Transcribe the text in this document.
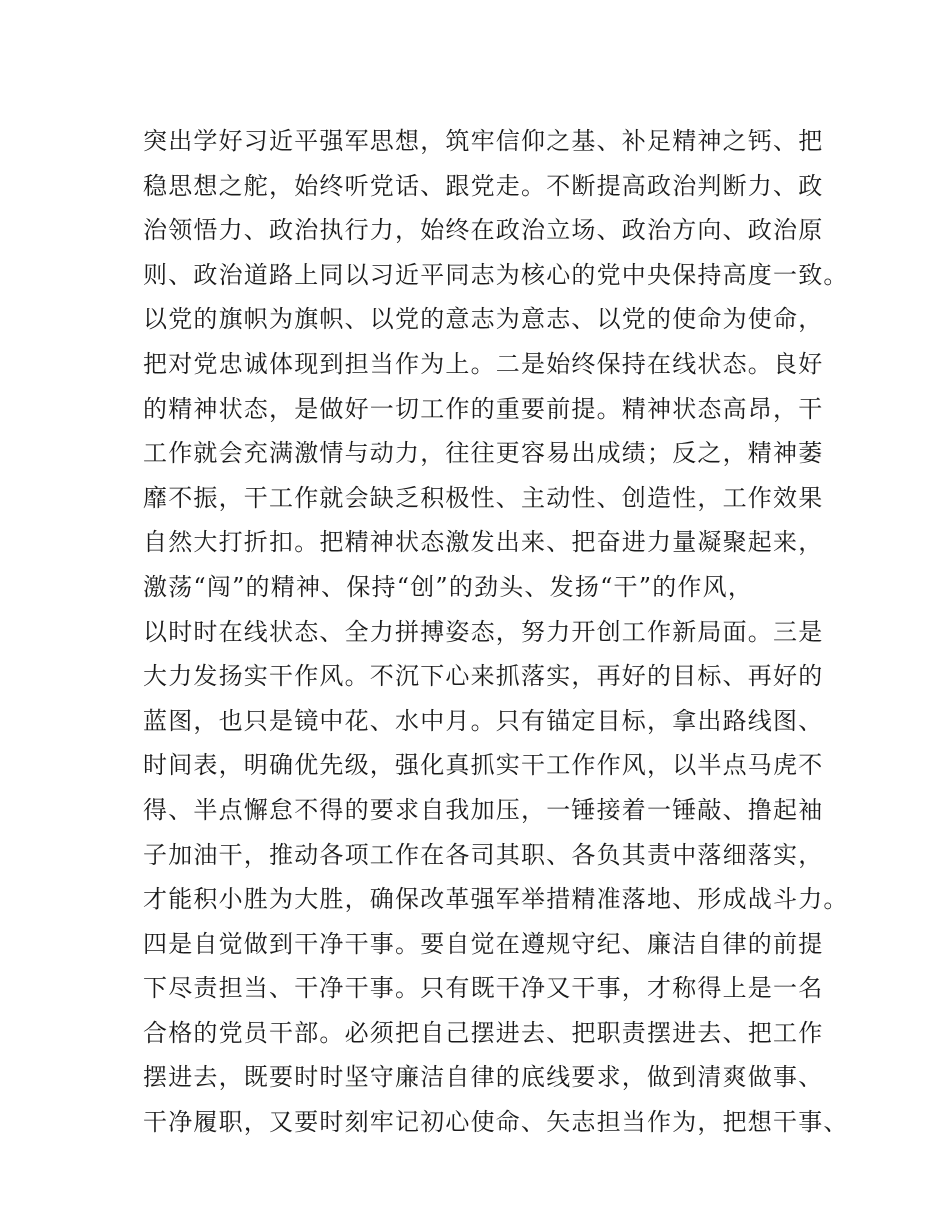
突出学好习近平强军思想，筑牢信仰之基、补足精神之钙、把
稳思想之舵，始终听党话、跟党走。不断提高政治判断力、政
治领悟力、政治执行力，始终在政治立场、政治方向、政治原
则、政治道路上同以习近平同志为核心的党中央保持高度一致。
以党的旗帜为旗帜、以党的意志为意志、以党的使命为使命，
把对党忠诚体现到担当作为上。二是始终保持在线状态。良好
的精神状态，是做好一切工作的重要前提。精神状态高昂，干
工作就会充满激情与动力，往往更容易出成绩；反之，精神萎
靡不振，干工作就会缺乏积极性、主动性、创造性，工作效果
自然大打折扣。把精神状态激发出来、把奋进力量凝聚起来，
激荡“闯”的精神、保持“创”的劲头、发扬“干”的作风，
以时时在线状态、全力拼搏姿态，努力开创工作新局面。三是
大力发扬实干作风。不沉下心来抓落实，再好的目标、再好的
蓝图，也只是镜中花、水中月。只有锚定目标，拿出路线图、
时间表，明确优先级，强化真抓实干工作作风，以半点马虎不
得、半点懈怠不得的要求自我加压，一锤接着一锤敲、撸起袖
子加油干，推动各项工作在各司其职、各负其责中落细落实，
才能积小胜为大胜，确保改革强军举措精准落地、形成战斗力。
四是自觉做到干净干事。要自觉在遵规守纪、廉洁自律的前提
下尽责担当、干净干事。只有既干净又干事，才称得上是一名
合格的党员干部。必须把自己摆进去、把职责摆进去、把工作
摆进去，既要时时坚守廉洁自律的底线要求，做到清爽做事、
干净履职，又要时刻牢记初心使命、矢志担当作为，把想干事、
